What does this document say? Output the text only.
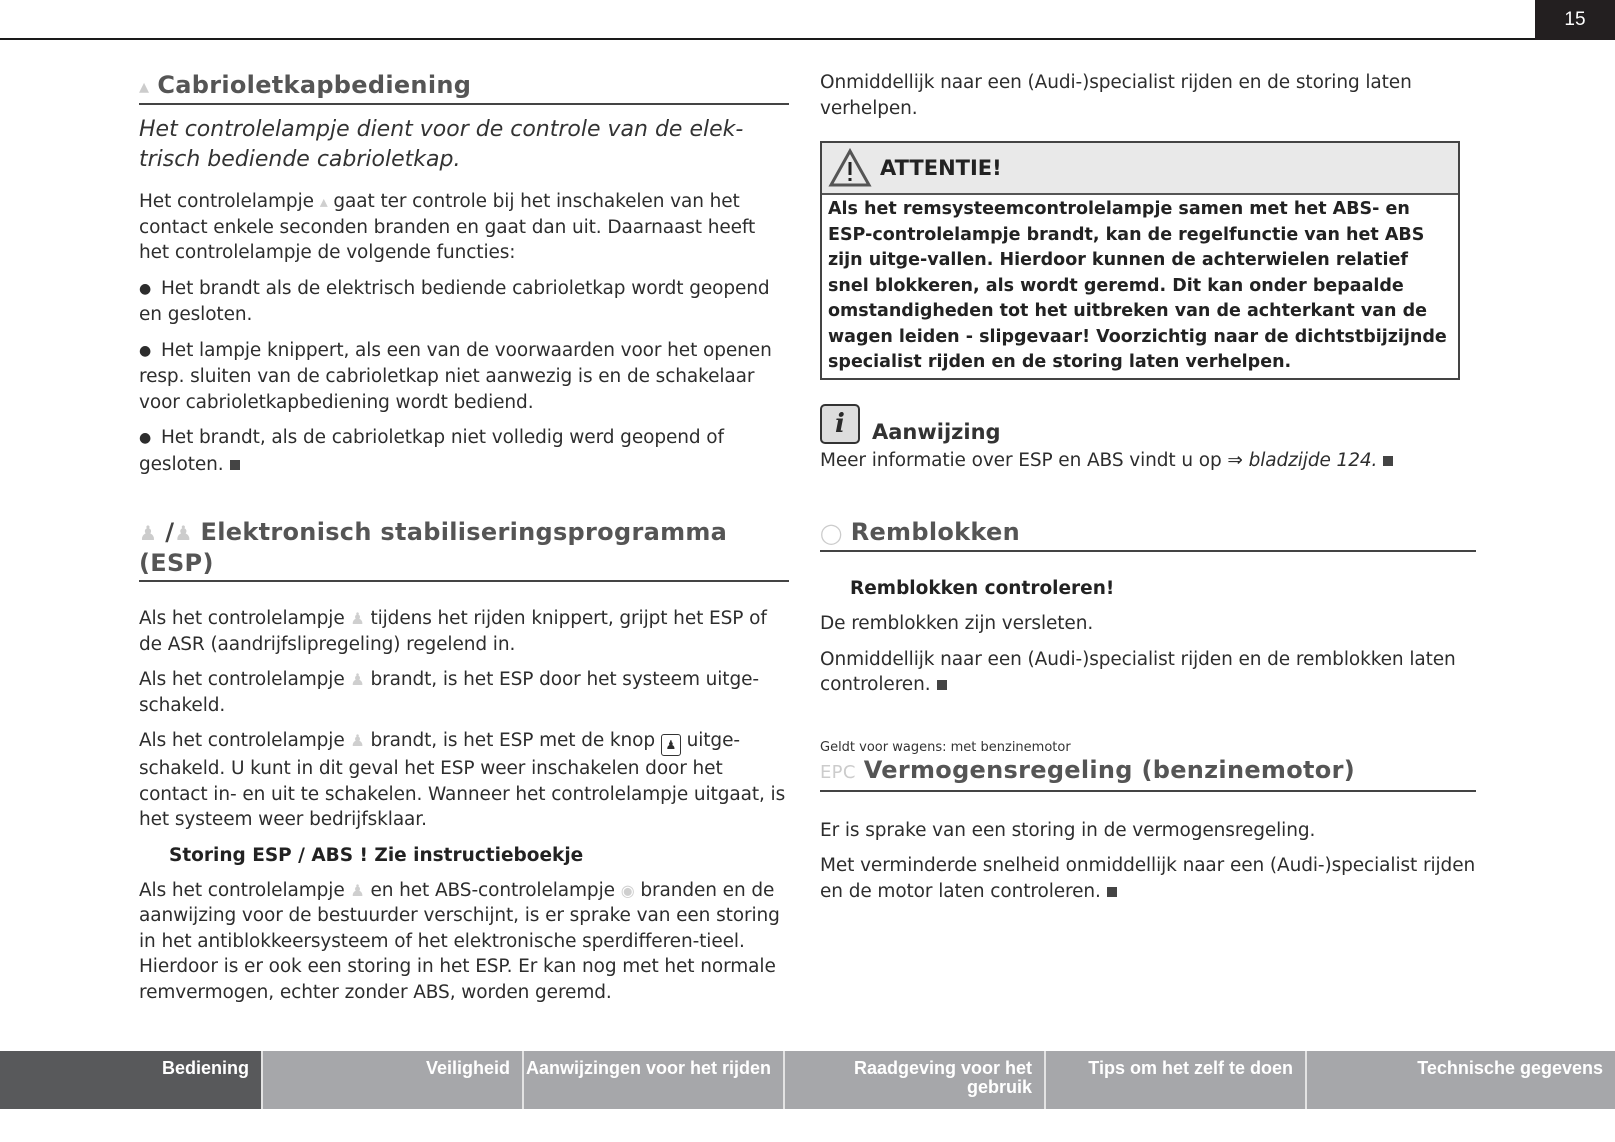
15
▴ Cabrioletkapbediening
Het controlelampje dient voor de controle van de elek-trisch bediende cabrioletkap.

Het controlelampje ▴ gaat ter controle bij het inschakelen van het contact enkele seconden branden en gaat dan uit. Daarnaast heeft het controlelampje de volgende functies:

● Het brandt als de elektrisch bediende cabrioletkap wordt geopend en gesloten.

● Het lampje knippert, als een van de voorwaarden voor het openen resp. sluiten van de cabrioletkap niet aanwezig is en de schakelaar voor cabrioletkapbediening wordt bediend.

● Het brandt, als de cabrioletkap niet volledig werd geopend of gesloten.

♟ /♟ Elektronisch stabiliseringsprogramma (ESP)

Als het controlelampje ♟ tijdens het rijden knippert, grijpt het ESP of de ASR (aandrijfslipregeling) regelend in.

Als het controlelampje ♟ brandt, is het ESP door het systeem uitge-schakeld.

Als het controlelampje ♟ brandt, is het ESP met de knop ♟ uitge-schakeld. U kunt in dit geval het ESP weer inschakelen door het contact in- en uit te schakelen. Wanneer het controlelampje uitgaat, is het systeem weer bedrijfsklaar.

Storing ESP / ABS ! Zie instructieboekje

Als het controlelampje ♟ en het ABS-controlelampje ◉ branden en de aanwijzing voor de bestuurder verschijnt, is er sprake van een storing in het antiblokkeersysteem of het elektronische sperdifferen-tieel. Hierdoor is er ook een storing in het ESP. Er kan nog met het normale remvermogen, echter zonder ABS, worden geremd.

Onmiddellijk naar een (Audi-)specialist rijden en de storing laten verhelpen.

ATTENTIE!
Als het remsysteemcontrolelampje samen met het ABS- en ESP-controlelampje brandt, kan de regelfunctie van het ABS zijn uitge-vallen. Hierdoor kunnen de achterwielen relatief snel blokkeren, als wordt geremd. Dit kan onder bepaalde omstandigheden tot het uitbreken van de achterkant van de wagen leiden - slipgevaar! Voorzichtig naar de dichtstbijzijnde specialist rijden en de storing laten verhelpen.
i	Aanwijzing

Meer informatie over ESP en ABS vindt u op ⇒ bladzijde 124.

◯ Remblokken
Remblokken controleren!

De remblokken zijn versleten.

Onmiddellijk naar een (Audi-)specialist rijden en de remblokken laten controleren.

Geldt voor wagens: met benzinemotor
EPC Vermogensregeling (benzinemotor)

Er is sprake van een storing in de vermogensregeling.

Met verminderde snelheid onmiddellijk naar een (Audi-)specialist rijden en de motor laten controleren.

Bediening	Veiligheid Aanwijzingen voor het rijden	Raadgeving voor het gebruik
Tips om het zelf te doen	Technische gegevens
